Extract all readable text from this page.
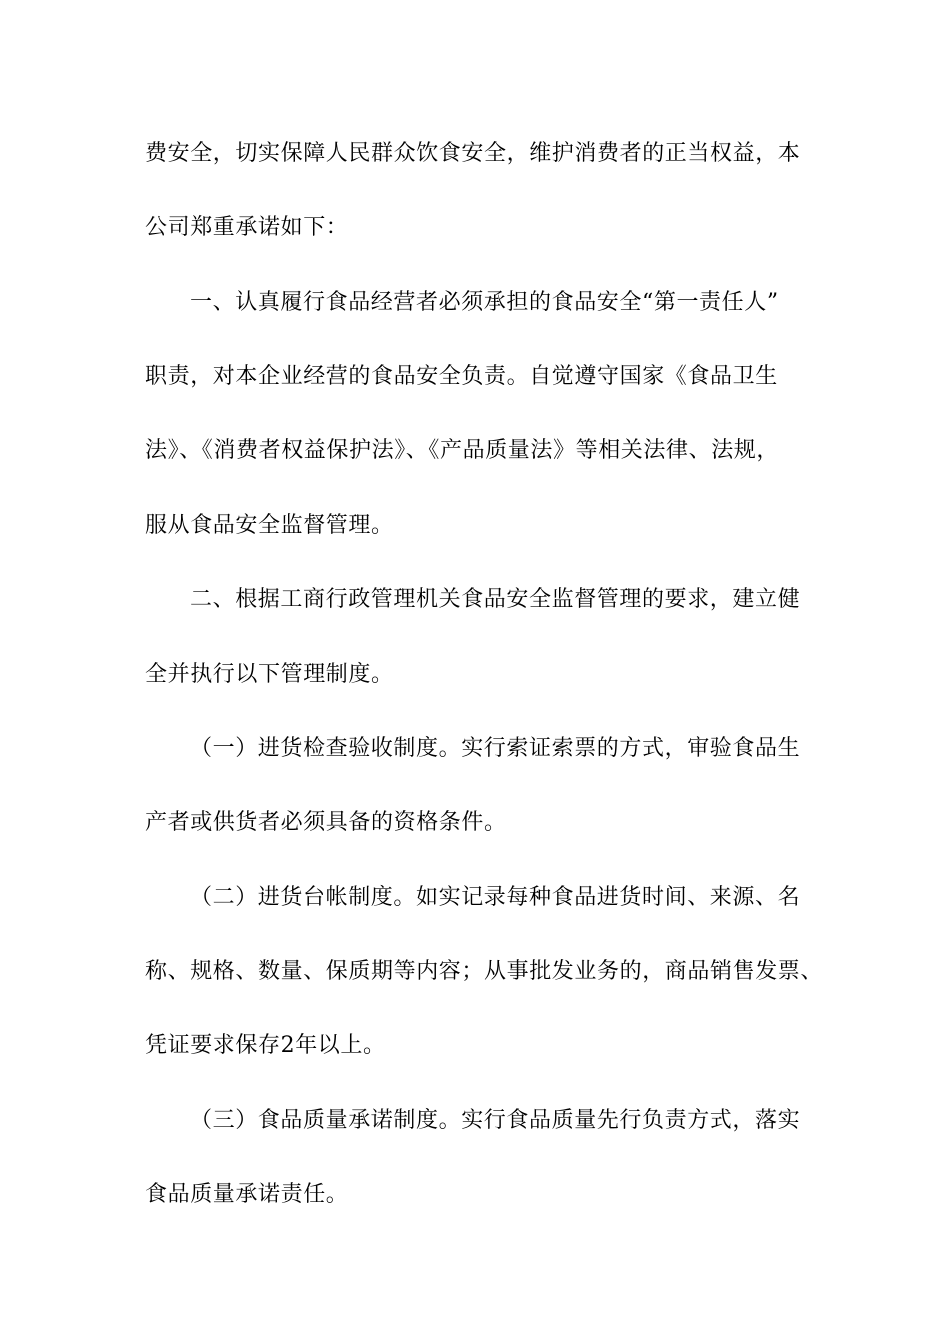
费安全，切实保障人民群众饮食安全，维护消费者的正当权益，本
公司郑重承诺如下：
一、认真履行食品经营者必须承担的食品安全“第一责任人”
职责，对本企业经营的食品安全负责。自觉遵守国家《食品卫生
法》、《消费者权益保护法》、《产品质量法》等相关法律、法规，
服从食品安全监督管理。
二、根据工商行政管理机关食品安全监督管理的要求，建立健
全并执行以下管理制度。
（一）进货检查验收制度。实行索证索票的方式，审验食品生
产者或供货者必须具备的资格条件。
（二）进货台帐制度。如实记录每种食品进货时间、来源、名
称、规格、数量、保质期等内容；从事批发业务的，商品销售发票、
凭证要求保存2年以上。
（三）食品质量承诺制度。实行食品质量先行负责方式，落实
食品质量承诺责任。
